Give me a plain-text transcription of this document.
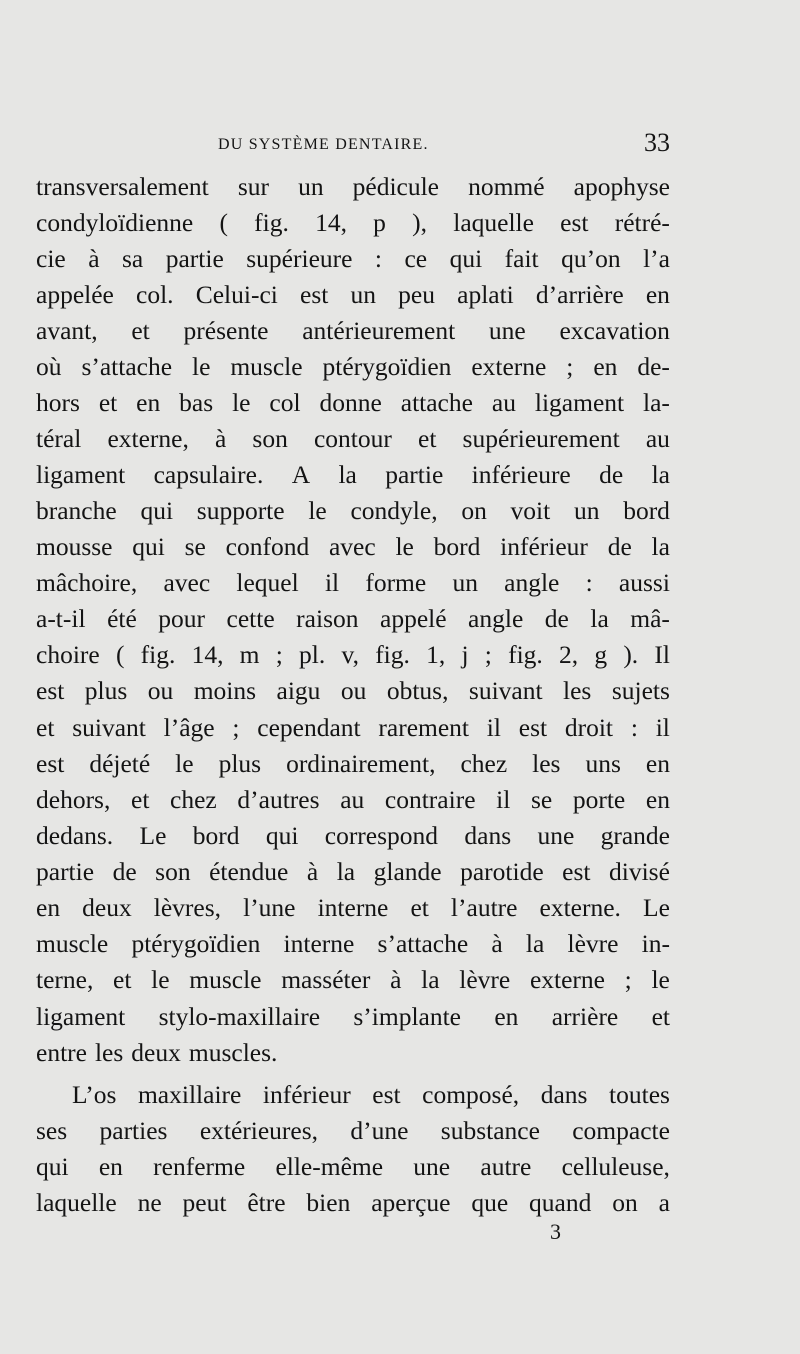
DU SYSTÈME DENTAIRE.	33
transversalement sur un pédicule nommé apophyse
condyloïdienne ( fig. 14, p ), laquelle est rétré-
cie à sa partie supérieure : ce qui fait qu’on l’a
appelée col. Celui-ci est un peu aplati d’arrière en
avant, et présente antérieurement une excavation
où s’attache le muscle ptérygoïdien externe ; en de-
hors et en bas le col donne attache au ligament la-
téral externe, à son contour et supérieurement au
ligament capsulaire. A la partie inférieure de la
branche qui supporte le condyle, on voit un bord
mousse qui se confond avec le bord inférieur de la
mâchoire, avec lequel il forme un angle : aussi
a-t-il été pour cette raison appelé angle de la mâ-
choire ( fig. 14, m ; pl. v, fig. 1, j ; fig. 2, g ). Il
est plus ou moins aigu ou obtus, suivant les sujets
et suivant l’âge ; cependant rarement il est droit : il
est déjeté le plus ordinairement, chez les uns en
dehors, et chez d’autres au contraire il se porte en
dedans. Le bord qui correspond dans une grande
partie de son étendue à la glande parotide est divisé
en deux lèvres, l’une interne et l’autre externe. Le
muscle ptérygoïdien interne s’attache à la lèvre in-
terne, et le muscle masséter à la lèvre externe ; le
ligament stylo-maxillaire s’implante en arrière et
entre les deux muscles.
L’os maxillaire inférieur est composé, dans toutes
ses parties extérieures, d’une substance compacte
qui en renferme elle-même une autre celluleuse,
laquelle ne peut être bien aperçue que quand on a
3
